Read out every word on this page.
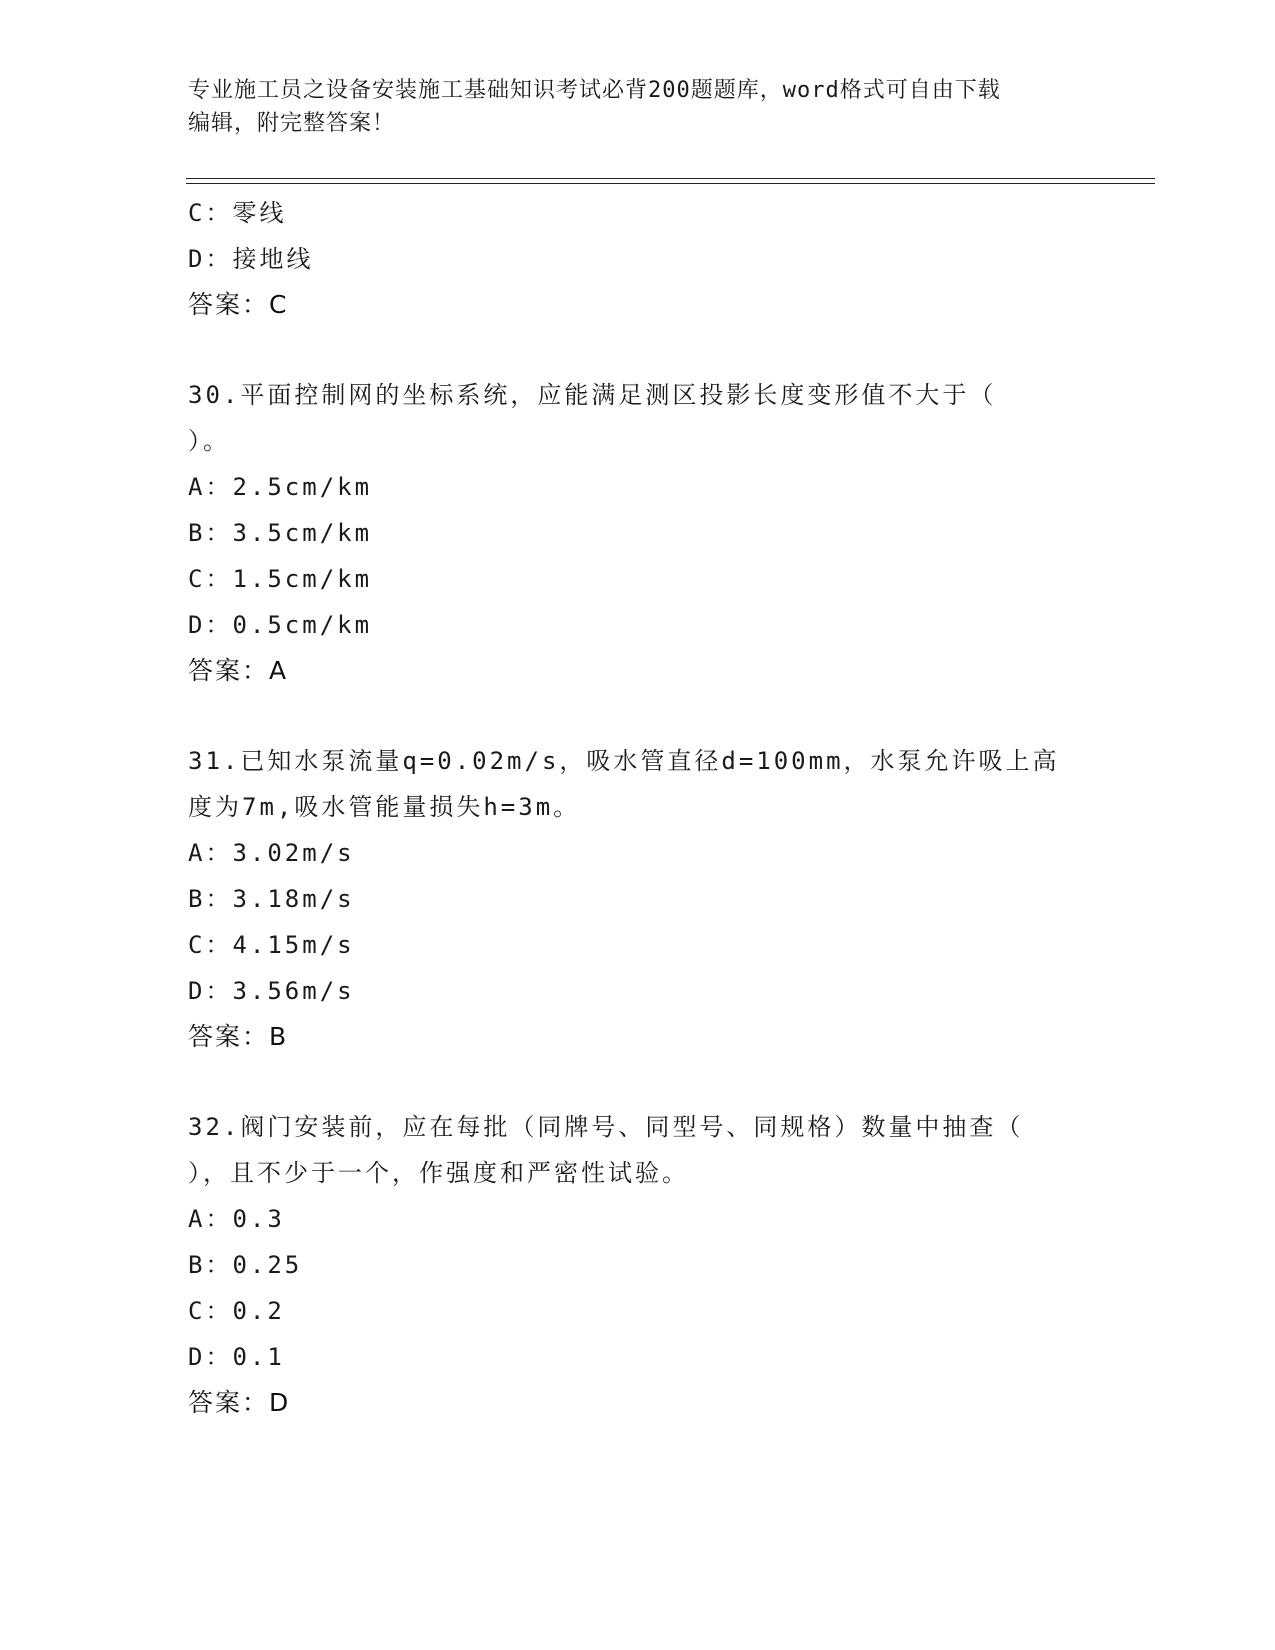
专业施工员之设备安装施工基础知识考试必背200题题库，word格式可自由下载
编辑，附完整答案！
C：零线
D：接地线
答案：C
30.平面控制网的坐标系统，应能满足测区投影长度变形值不大于（
）。
A：2.5cm/km
B：3.5cm/km
C：1.5cm/km
D：0.5cm/km
答案：A
31.已知水泵流量q=0.02m/s，吸水管直径d=100mm，水泵允许吸上高
度为7m,吸水管能量损失h=3m。
A：3.02m/s
B：3.18m/s
C：4.15m/s
D：3.56m/s
答案：B
32.阀门安装前，应在每批（同牌号、同型号、同规格）数量中抽查（
），且不少于一个，作强度和严密性试验。
A：0.3
B：0.25
C：0.2
D：0.1
答案：D
